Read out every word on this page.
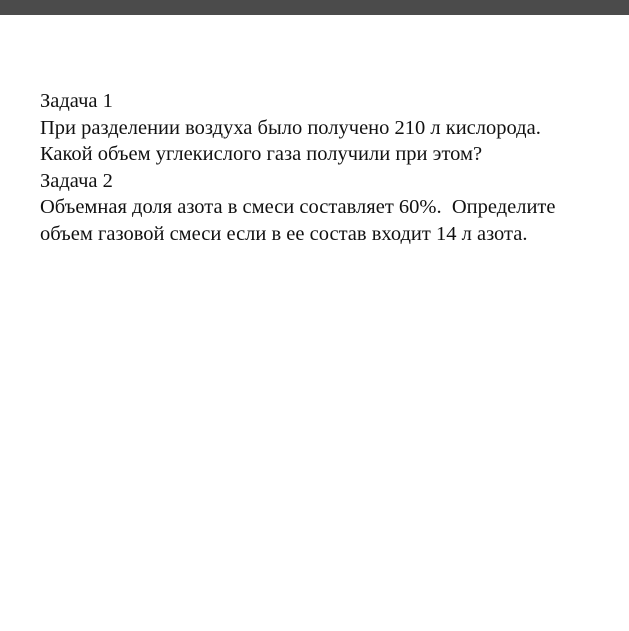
Задача 1
При разделении воздуха было получено 210 л кислорода.
Какой объем углекислого газа получили при этом?
Задача 2
Объемная доля азота в смеси составляет 60%.  Определите
объем газовой смеси если в ее состав входит 14 л азота.
